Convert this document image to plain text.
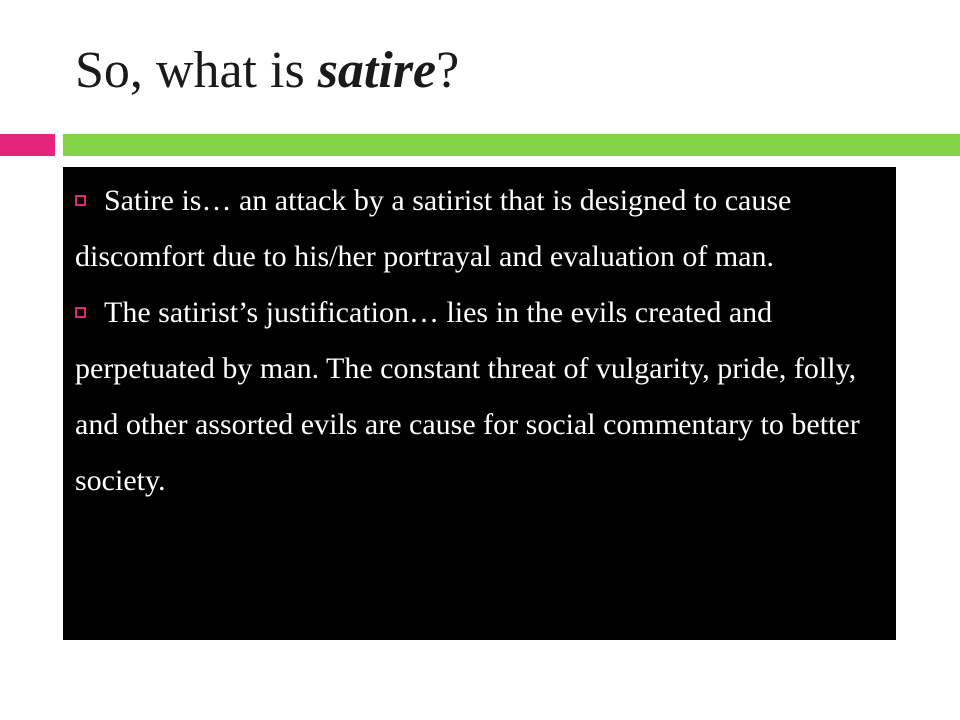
So, what is satire?

Satire is… an attack by a satirist that is designed to cause discomfort due to his/her portrayal and evaluation of man.

The satirist’s justification… lies in the evils created and perpetuated by man. The constant threat of vulgarity, pride, folly, and other assorted evils are cause for social commentary to better society.
